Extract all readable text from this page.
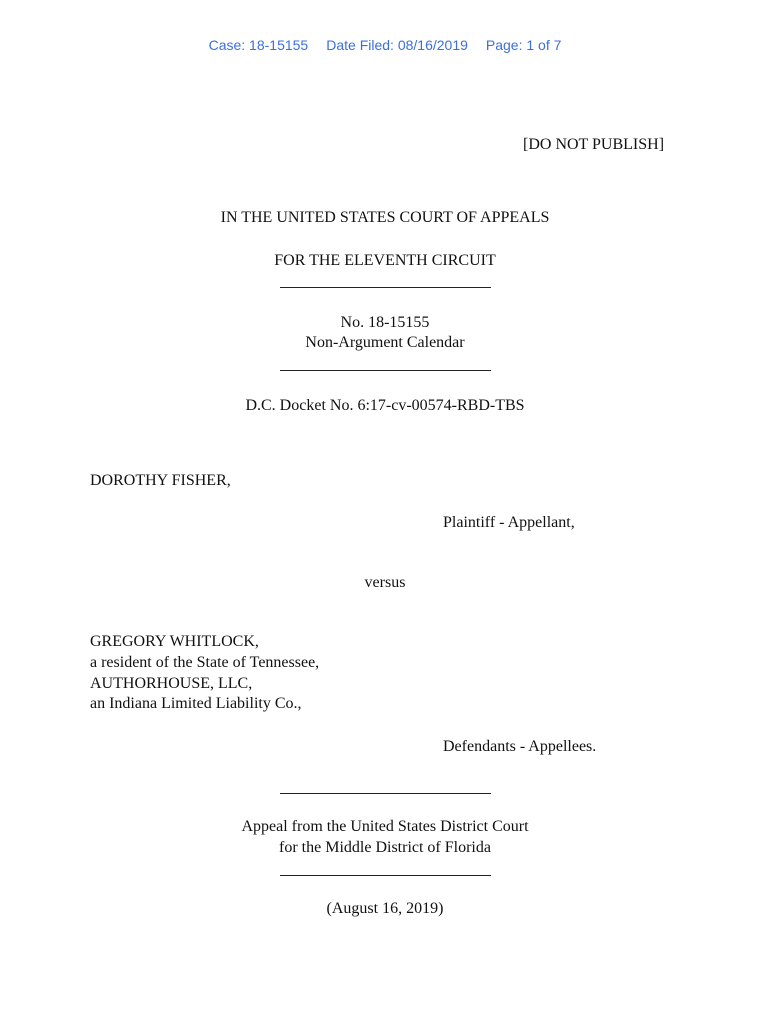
Case: 18-15155 Date Filed: 08/16/2019 Page: 1 of 7
[DO NOT PUBLISH]
IN THE UNITED STATES COURT OF APPEALS
FOR THE ELEVENTH CIRCUIT
No. 18-15155
Non-Argument Calendar
D.C. Docket No. 6:17-cv-00574-RBD-TBS
DOROTHY FISHER,
Plaintiff - Appellant,
versus
GREGORY WHITLOCK,
a resident of the State of Tennessee,
AUTHORHOUSE, LLC,
an Indiana Limited Liability Co.,
Defendants - Appellees.
Appeal from the United States District Court
for the Middle District of Florida
(August 16, 2019)
